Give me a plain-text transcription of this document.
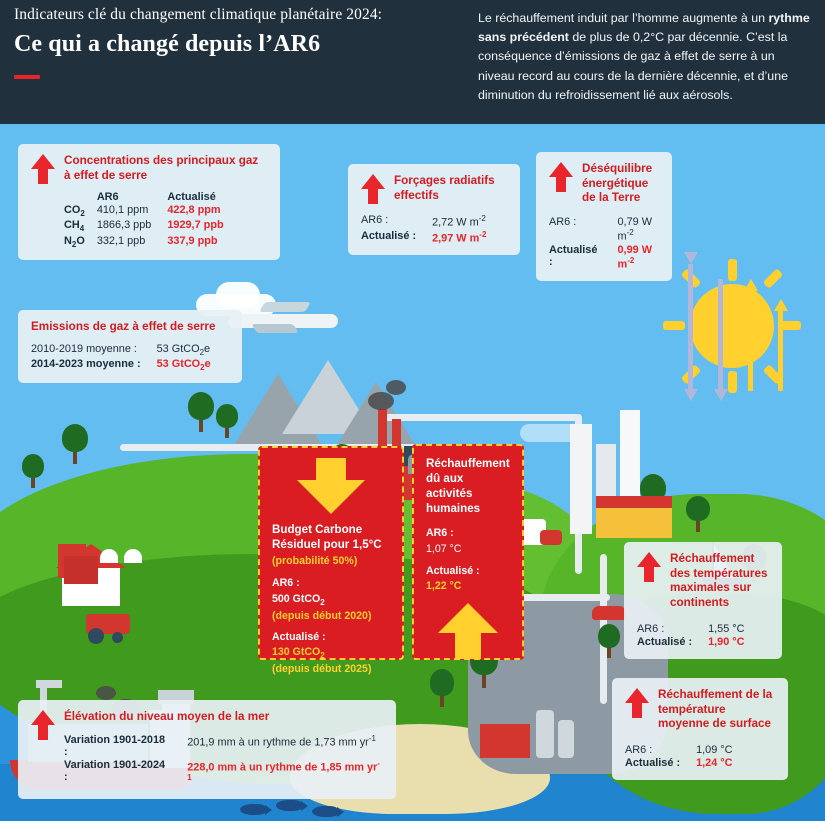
Indicateurs clé du changement climatique planétaire 2024:
Ce qui a changé depuis l’AR6
Le réchauffement induit par l’homme augmente à un rythme sans précédent de plus de 0,2°C par décennie. C’est la conséquence d’émissions de gaz à effet de serre à un niveau record au cours de la dernière décennie, et d’une diminution du refroidissement lié aux aérosols.
Concentrations des principaux gaz à effet de serre
	AR6	Actualisé
$CO_2$	410,1 ppm	422,8 ppm
$CH_4$	1866,3 ppb	1929,7 ppb
$N_2O$	332,1 ppb	337,9 ppb
Forçages radiatifs effectifs
AR6 :	2,72 W $m^{-2}$
Actualisé :	2,97 W $m^{-2}$
Déséquilibre énergétique de la Terre
AR6 :	0,79 W $m^{-2}$
Actualisé :	0,99 W $m^{-2}$
Emissions de gaz à effet de serre
2010-2019 moyenne :	53 GtCO$_2$e
2014-2023 moyenne :	53 GtCO$_2$e
Élévation du niveau moyen de la mer
Variation 1901-2018 :	201,9 mm à un rythme de 1,73 mm $yr^{-1}$
Variation 1901-2024 :	228,0 mm à un rythme de 1,85 mm $yr^{-1}$
Réchauffement des températures maximales sur continents
AR6 :	1,55 °C
Actualisé :	1,90 °C
Réchauffement de la température moyenne de surface
AR6 :	1,09 °C
Actualisé :	1,24 °C
Budget Carbone Résiduel pour 1,5°C
(probabilité 50%)
AR6 :
500 GtCO$_2$
(depuis début 2020)
Actualisé :
130 GtCO$_2$
(depuis début 2025)
Réchauffement dû aux activités humaines
AR6 :
1,07 °C
Actualisé :
1,22 °C
